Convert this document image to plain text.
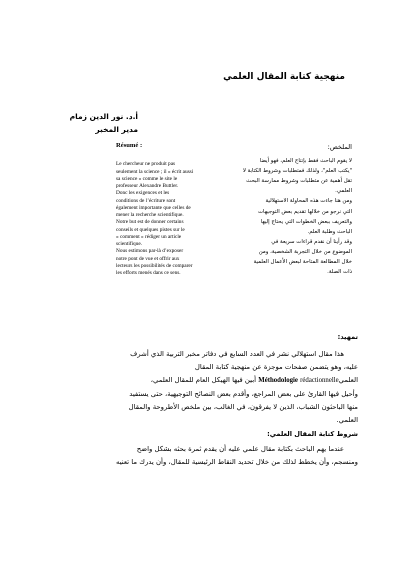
منهجية كتابة المقال العلمي
أ.د. نور الدين زمام
مدير المخبر
Résumé :

Le chercheur ne produit pas

seulement la science ; il « écrit aussi

sa science » comme le site le

professeur Alexandre Buttler.

Donc les exigences et les

conditions de l’écriture sont

également importante que celles de

mener la recherche scientifique.

Notre but est de donner certains

conseils et quelques pistes sur le

« comment » rédiger un article

scientifique.

Nous estimons par-là d’exposer

notre pont de vue et offrir aux

lecteurs les possibilités de comparer

les efforts menés dans ce sens.

الملخص:

لا يقوم الباحث فقط بإنتاج العلم، فهو أيضا

"يكتب العلم"، ولذلك فمتطلبات وشروط الكتابة لا

تقل أهمية عن متطلبات وشروط ممارسة البحث

العلمي.

ومن هنا جاءت هذه المحاولة الاستهلالية

التي نرجو من خلالها تقديم بعض التوجيهات

والتعريف ببعض الخطوات التي يحتاج إليها

الباحث وطلبة العلم.

وقد رأينا أن نقدم قراءات سريعة في

الموضوع من خلال التجربة الشخصية، ومن

خلال المطالعة المتاحة لبعض الأعمال العلمية

ذات الصلة.

تمهيد:

هذا مقال استهلالي نشر في العدد السابع في دفاتر مخبر التربية الذي أشرف

عليه، وهو يتضمن صفحات موجزة عن منهجية كتابة المقال

العلميMéthodologie rédactionnelle أبين فيها الهيكل العام للمقال العلمي،

وأحيل فيها القارئ على بعض المراجع، وأقدم بعض النصائح التوجيهية، حتى يستفيد

منها الباحثون الشباب، الذين لا يفرقون، في الغالب، بين ملخص الأطروحة والمقال

العلمي.

شروط كتابة المقال العلمي:

عندما يهم الباحث بكتابة مقال علمي عليه أن يقدم ثمرة بحثه بشكل واضح

ومنسجم، وأن يخطط لذلك من خلال تحديد النقاط الرئيسية للمقال، وأن يدرك ما تعنيه
